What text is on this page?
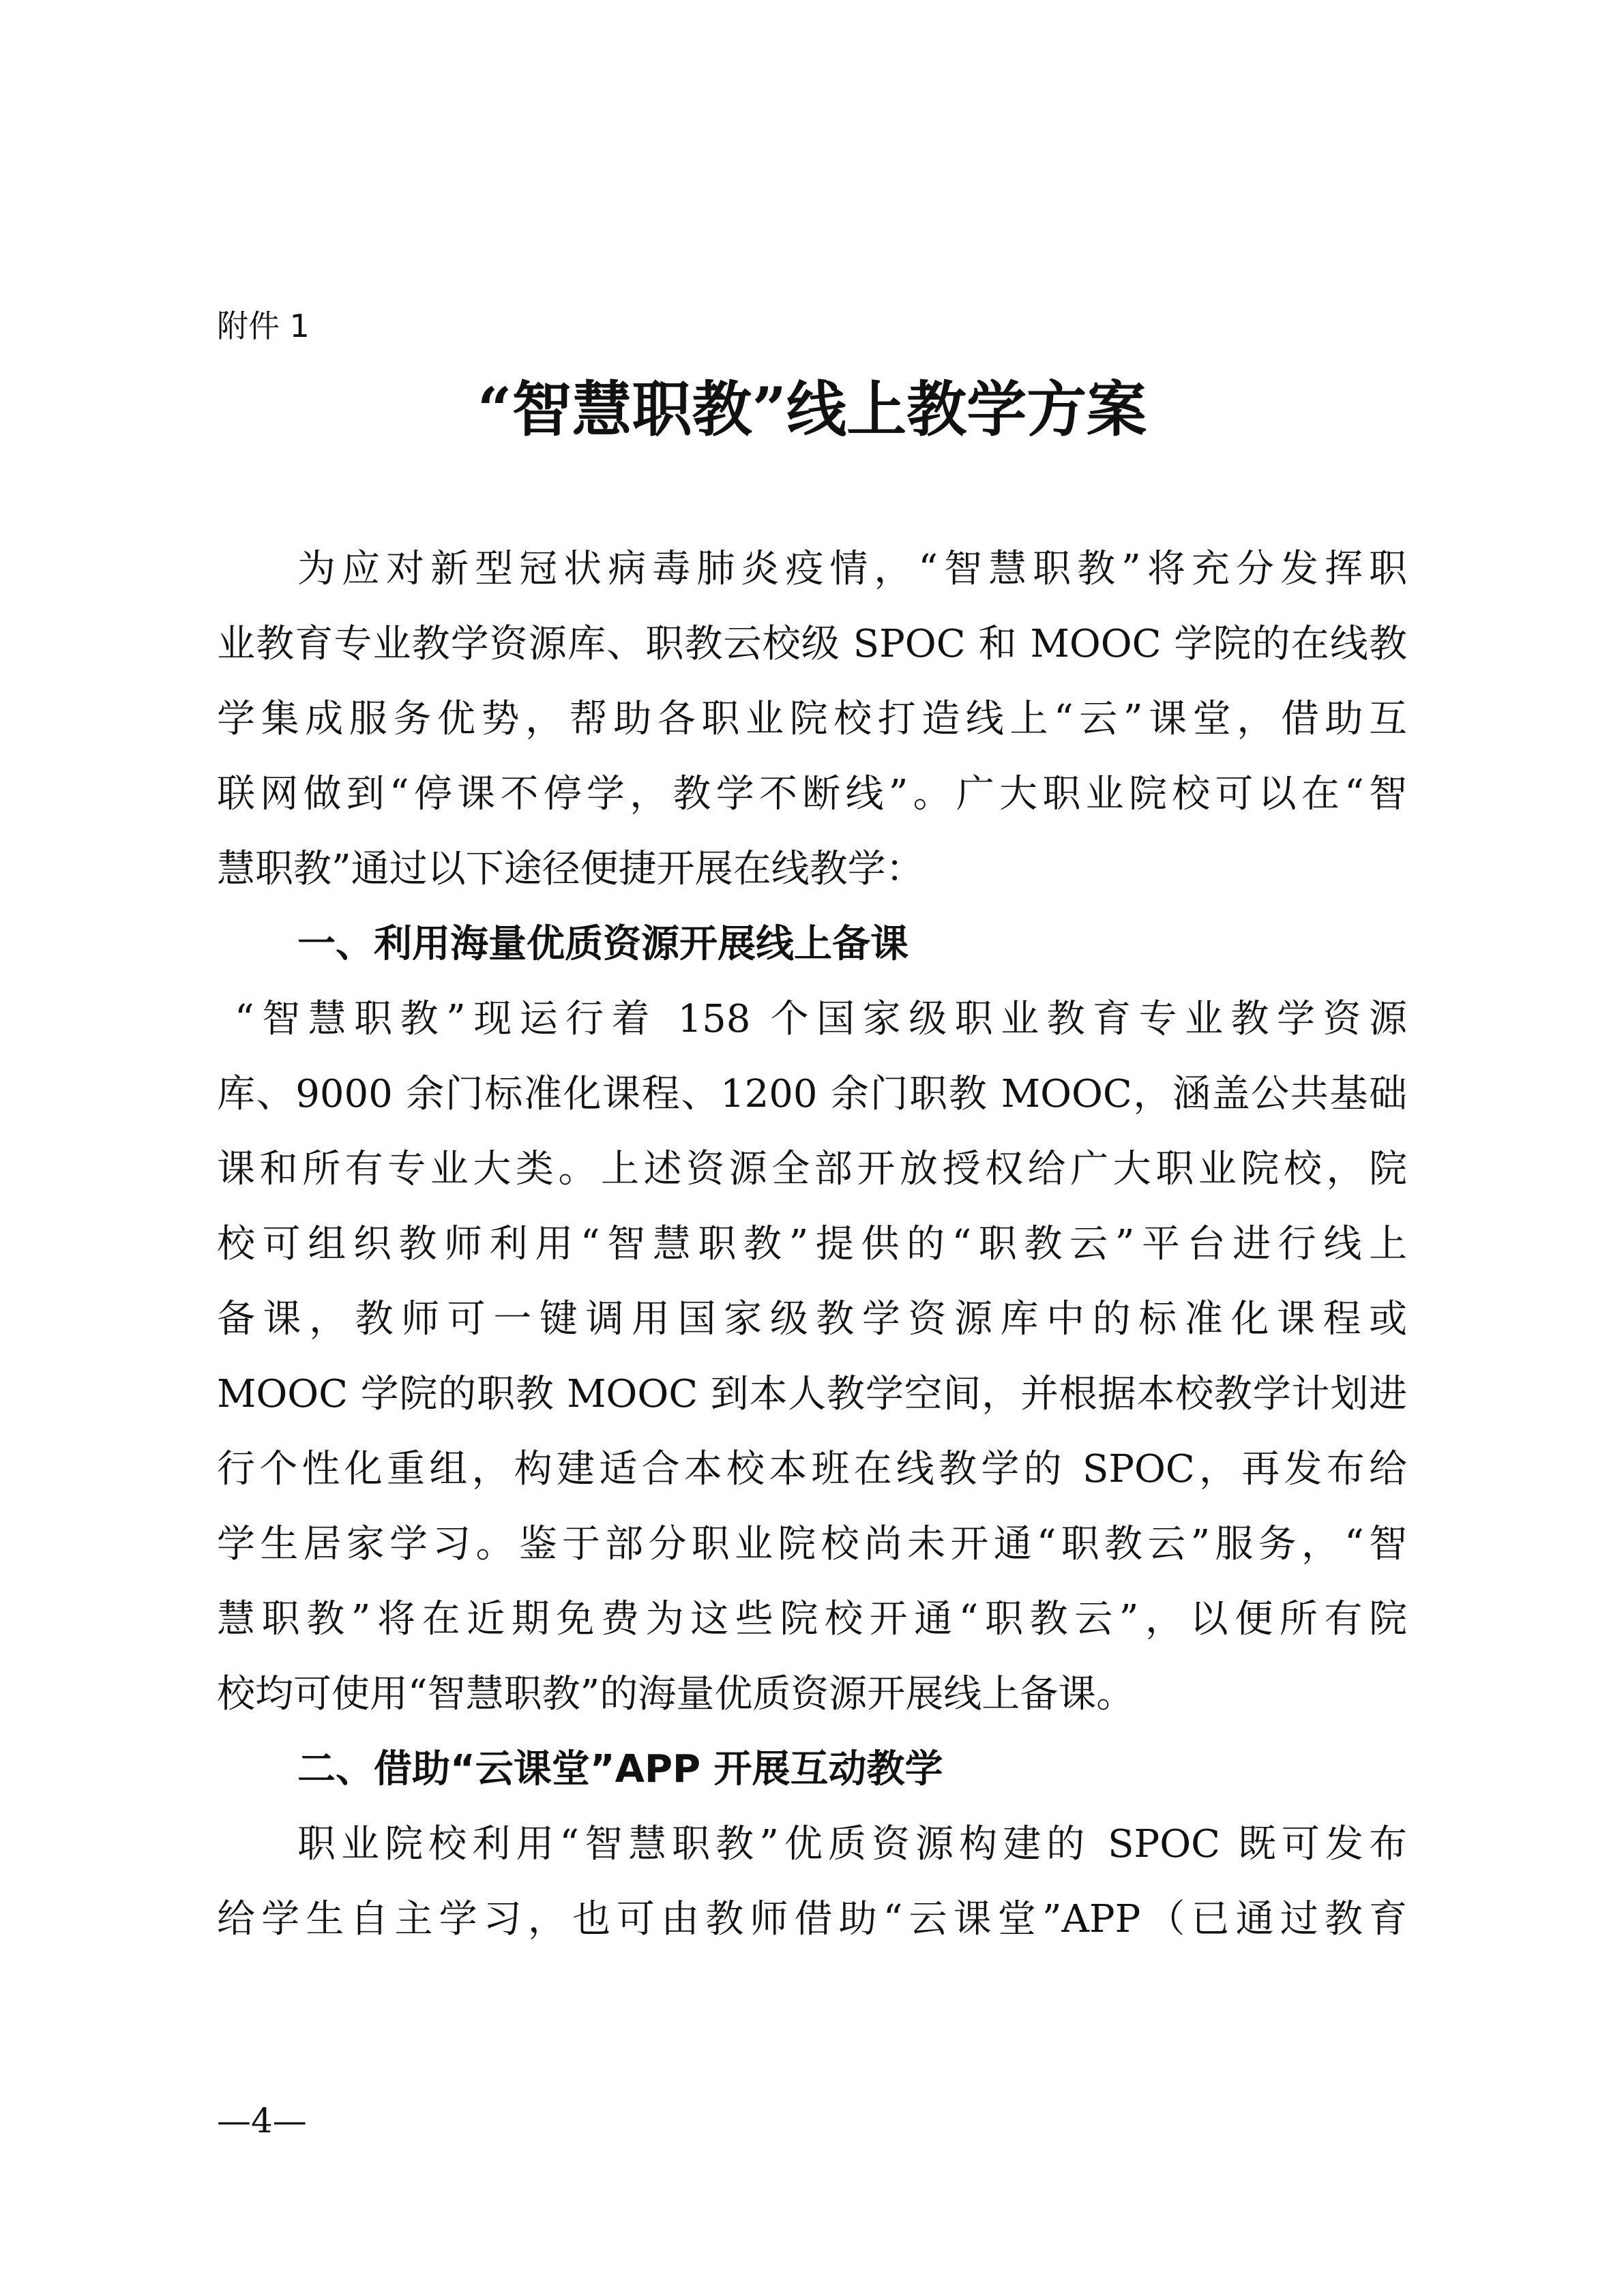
附件 1
“智慧职教”线上教学方案
为应对新型冠状病毒肺炎疫情，“智慧职教”将充分发挥职
业教育专业教学资源库、职教云校级 SPOC 和 MOOC 学院的在线教
学集成服务优势，帮助各职业院校打造线上“云”课堂，借助互
联网做到“停课不停学，教学不断线”。广大职业院校可以在“智
慧职教”通过以下途径便捷开展在线教学：
一、利用海量优质资源开展线上备课
“智慧职教”现运行着 158 个国家级职业教育专业教学资源
库、9000 余门标准化课程、1200 余门职教 MOOC，涵盖公共基础
课和所有专业大类。上述资源全部开放授权给广大职业院校，院
校可组织教师利用“智慧职教”提供的“职教云”平台进行线上
备课，教师可一键调用国家级教学资源库中的标准化课程或
MOOC 学院的职教 MOOC 到本人教学空间，并根据本校教学计划进
行个性化重组，构建适合本校本班在线教学的 SPOC，再发布给
学生居家学习。鉴于部分职业院校尚未开通“职教云”服务，“智
慧职教”将在近期免费为这些院校开通“职教云”，以便所有院
校均可使用“智慧职教”的海量优质资源开展线上备课。
二、借助“云课堂”APP 开展互动教学
职业院校利用“智慧职教”优质资源构建的 SPOC 既可发布
给学生自主学习，也可由教师借助“云课堂”APP（已通过教育
—4—
